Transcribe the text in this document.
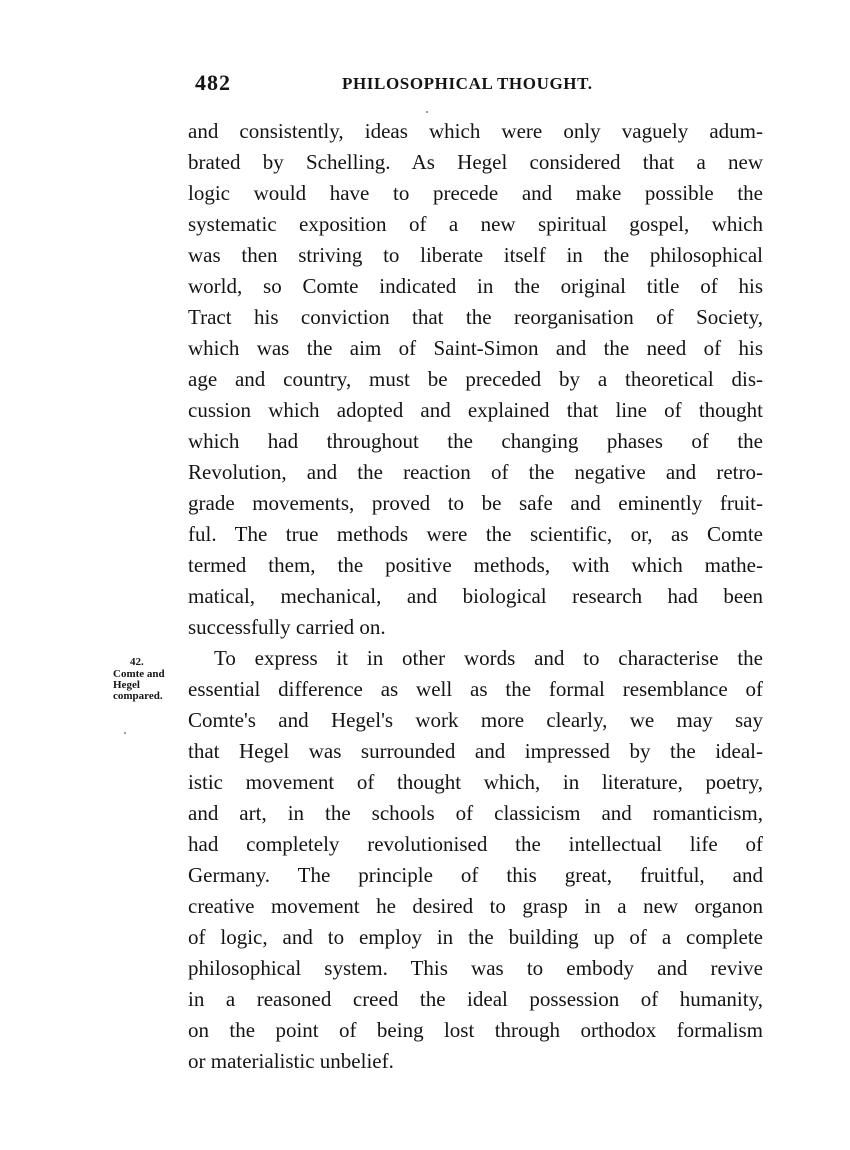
482	PHILOSOPHICAL THOUGHT.
42.
Comte and
Hegel
compared.
and consistently, ideas which were only vaguely adum-
brated by Schelling. As Hegel considered that a new
logic would have to precede and make possible the
systematic exposition of a new spiritual gospel, which
was then striving to liberate itself in the philosophical
world, so Comte indicated in the original title of his
Tract his conviction that the reorganisation of Society,
which was the aim of Saint-Simon and the need of his
age and country, must be preceded by a theoretical dis-
cussion which adopted and explained that line of thought
which had throughout the changing phases of the
Revolution, and the reaction of the negative and retro-
grade movements, proved to be safe and eminently fruit-
ful. The true methods were the scientific, or, as Comte
termed them, the positive methods, with which mathe-
matical, mechanical, and biological research had been
successfully carried on.
To express it in other words and to characterise the
essential difference as well as the formal resemblance of
Comte's and Hegel's work more clearly, we may say
that Hegel was surrounded and impressed by the ideal-
istic movement of thought which, in literature, poetry,
and art, in the schools of classicism and romanticism,
had completely revolutionised the intellectual life of
Germany. The principle of this great, fruitful, and
creative movement he desired to grasp in a new organon
of logic, and to employ in the building up of a complete
philosophical system. This was to embody and revive
in a reasoned creed the ideal possession of humanity,
on the point of being lost through orthodox formalism
or materialistic unbelief.
